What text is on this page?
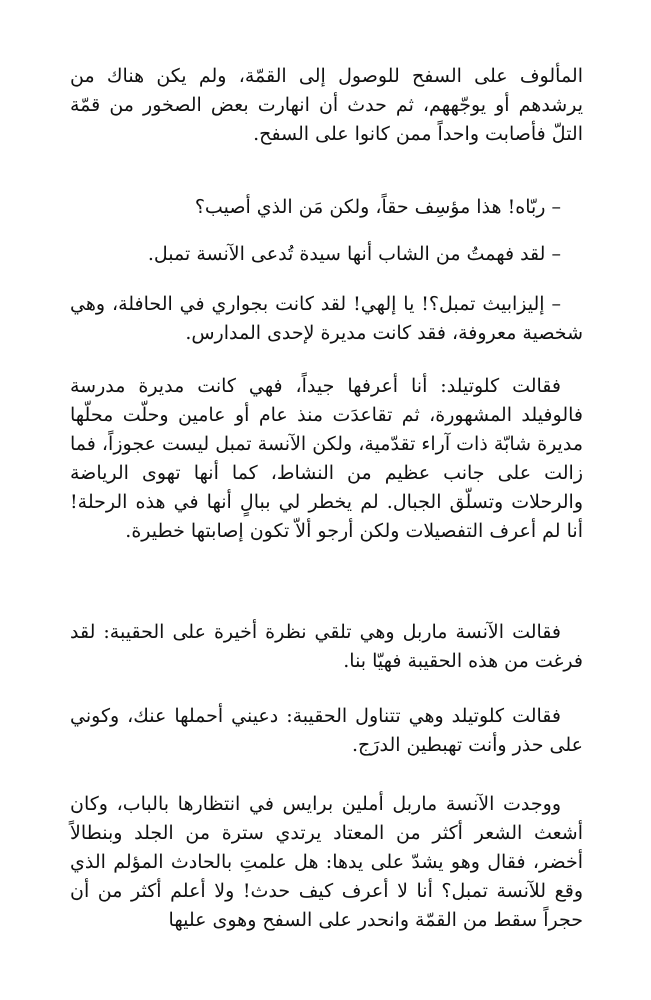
المألوف على السفح للوصول إلى القمّة، ولم يكن هناك من يرشدهم أو يوجّههم، ثم حدث أن انهارت بعض الصخور من قمّة التلّ فأصابت واحداً ممن كانوا على السفح.

– ربّاه! هذا مؤسِف حقاً، ولكن مَن الذي أصيب؟

– لقد فهمتُ من الشاب أنها سيدة تُدعى الآنسة تمبل.

– إليزابيث تمبل؟! يا إلهي! لقد كانت بجواري في الحافلة، وهي شخصية معروفة، فقد كانت مديرة لإحدى المدارس.

فقالت كلوتيلد: أنا أعرفها جيداً، فهي كانت مديرة مدرسة فالوفيلد المشهورة، ثم تقاعدَت منذ عام أو عامين وحلّت محلّها مديرة شابّة ذات آراء تقدّمية، ولكن الآنسة تمبل ليست عجوزاً، فما زالت على جانب عظيم من النشاط، كما أنها تهوى الرياضة والرحلات وتسلّق الجبال. لم يخطر لي ببالٍ أنها في هذه الرحلة! أنا لم أعرف التفصيلات ولكن أرجو ألاّ تكون إصابتها خطيرة.

فقالت الآنسة ماربل وهي تلقي نظرة أخيرة على الحقيبة: لقد فرغت من هذه الحقيبة فهيّا بنا.

فقالت كلوتيلد وهي تتناول الحقيبة: دعيني أحملها عنك، وكوني على حذر وأنت تهبطين الدرَج.

ووجدت الآنسة ماربل أملين برايس في انتظارها بالباب، وكان أشعث الشعر أكثر من المعتاد يرتدي سترة من الجلد وبنطالاً أخضر، فقال وهو يشدّ على يدها: هل علمتِ بالحادث المؤلم الذي وقع للآنسة تمبل؟ أنا لا أعرف كيف حدث! ولا أعلم أكثر من أن حجراً سقط من القمّة وانحدر على السفح وهوى عليها
